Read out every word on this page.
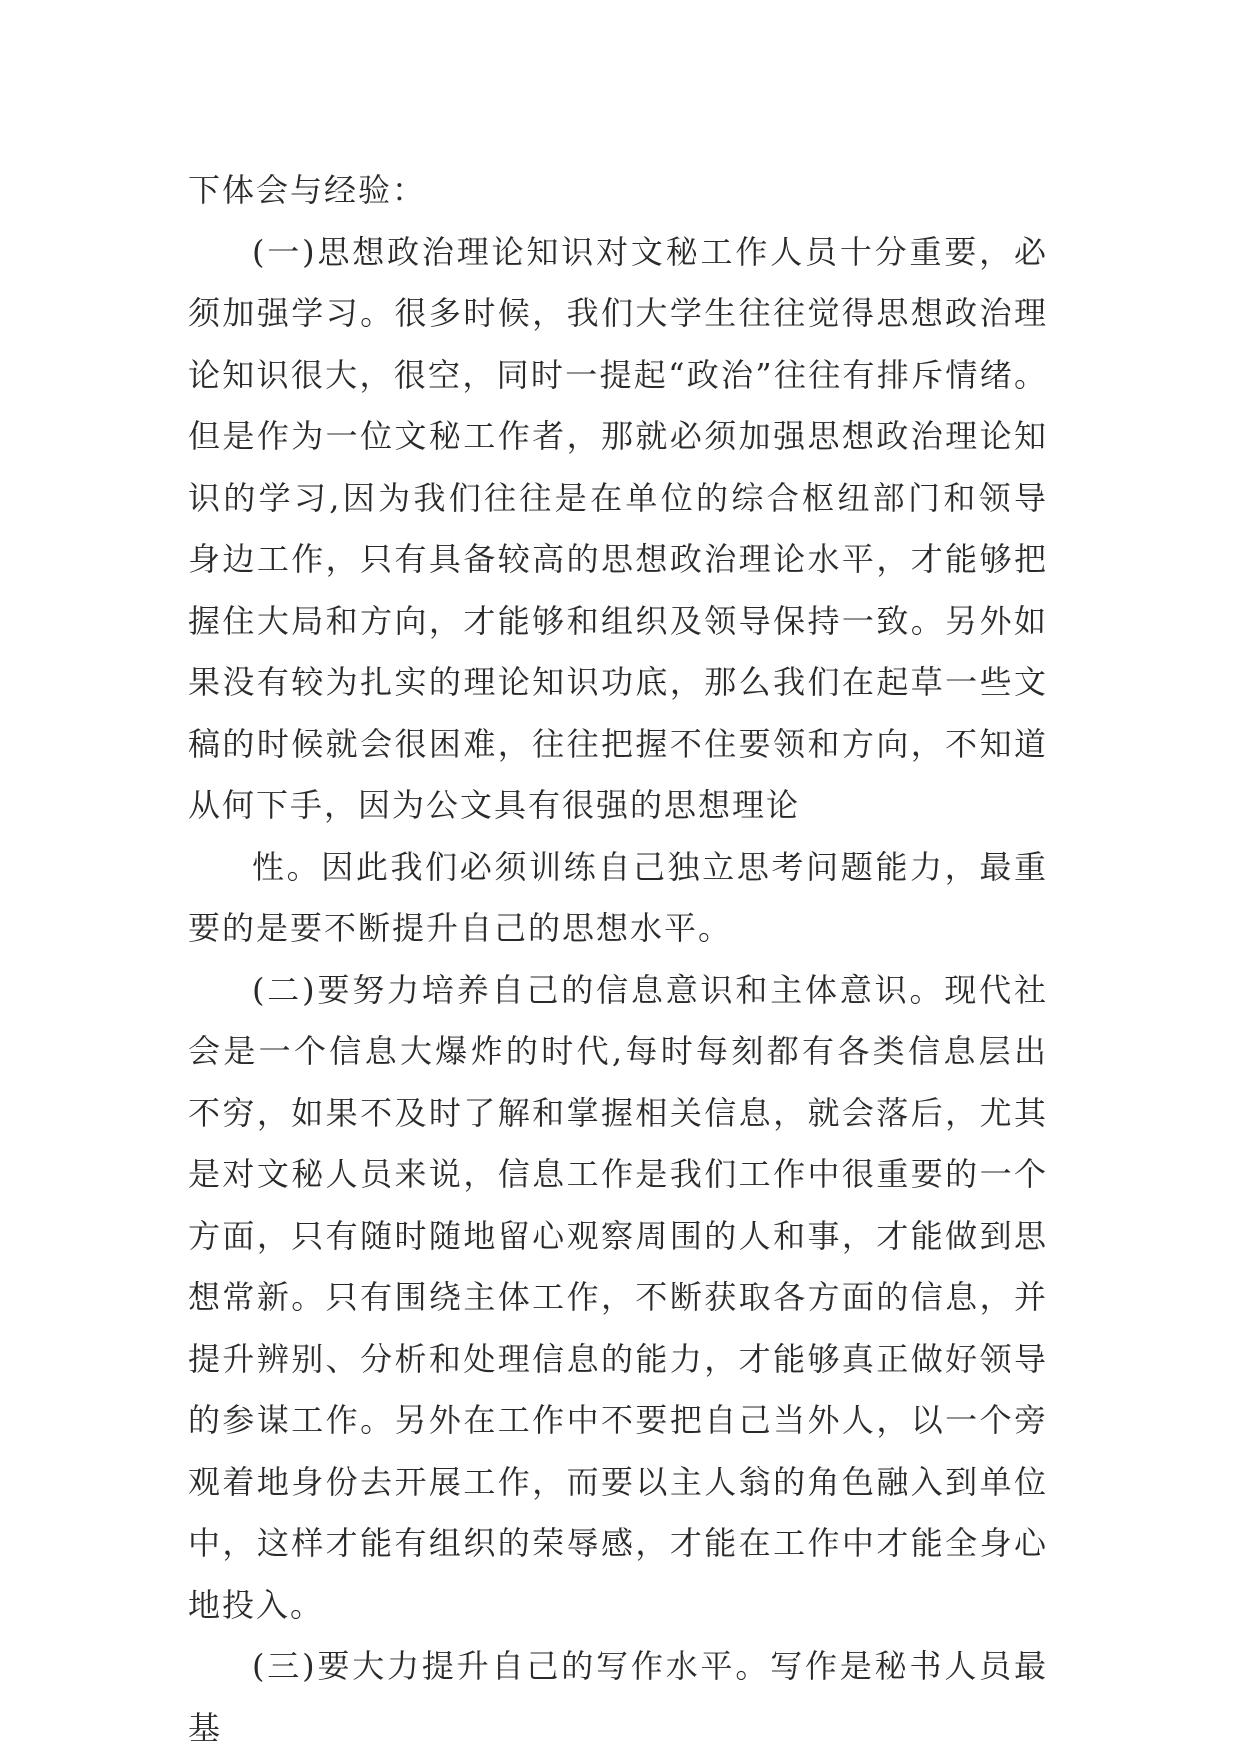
下体会与经验：

(一)思想政治理论知识对文秘工作人员十分重要，必须加强学习。很多时候，我们大学生往往觉得思想政治理论知识很大，很空，同时一提起“政治”往往有排斥情绪。但是作为一位文秘工作者，那就必须加强思想政治理论知识的学习,因为我们往往是在单位的综合枢纽部门和领导身边工作，只有具备较高的思想政治理论水平，才能够把握住大局和方向，才能够和组织及领导保持一致。另外如果没有较为扎实的理论知识功底，那么我们在起草一些文稿的时候就会很困难，往往把握不住要领和方向，不知道从何下手，因为公文具有很强的思想理论

性。因此我们必须训练自己独立思考问题能力，最重要的是要不断提升自己的思想水平。

(二)要努力培养自己的信息意识和主体意识。现代社会是一个信息大爆炸的时代,每时每刻都有各类信息层出不穷，如果不及时了解和掌握相关信息，就会落后，尤其是对文秘人员来说，信息工作是我们工作中很重要的一个方面，只有随时随地留心观察周围的人和事，才能做到思想常新。只有围绕主体工作，不断获取各方面的信息，并提升辨别、分析和处理信息的能力，才能够真正做好领导的参谋工作。另外在工作中不要把自己当外人，以一个旁观着地身份去开展工作，而要以主人翁的角色融入到单位中，这样才能有组织的荣辱感，才能在工作中才能全身心地投入。

(三)要大力提升自己的写作水平。写作是秘书人员最基
